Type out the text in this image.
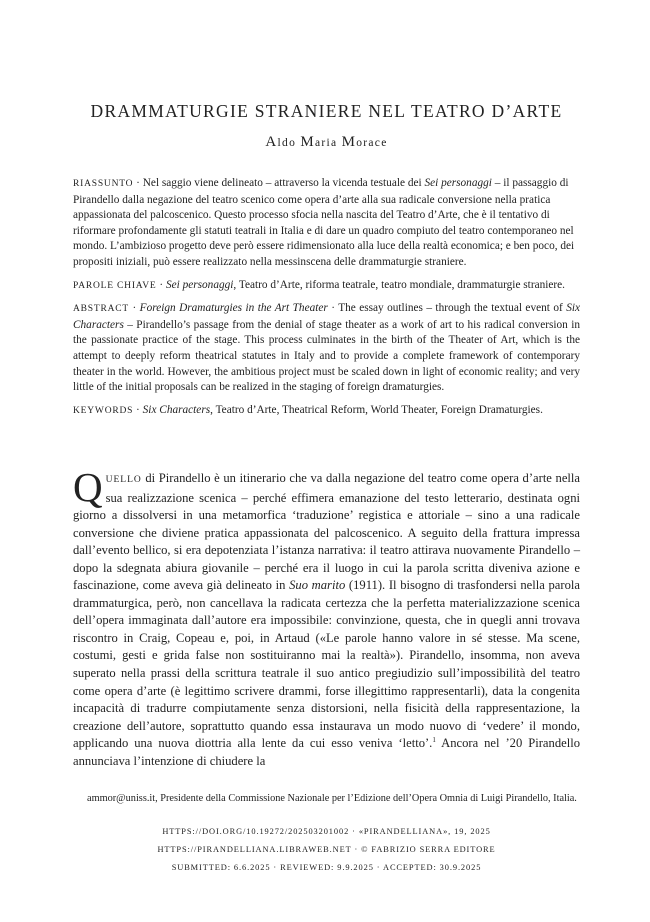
DRAMMATURGIE STRANIERE NEL TEATRO D’ARTE
Aldo Maria Morace

RIASSUNTO · Nel saggio viene delineato – attraverso la vicenda testuale dei Sei personaggi – il passaggio di Pirandello dalla negazione del teatro scenico come opera d’arte alla sua radicale conversione nella pratica appassionata del palcoscenico. Questo processo sfocia nella nascita del Teatro d’Arte, che è il tentativo di riformare profondamente gli statuti teatrali in Italia e di dare un quadro compiuto del teatro contemporaneo nel mondo. L’ambizioso progetto deve però essere ridimensionato alla luce della realtà economica; e ben poco, dei propositi iniziali, può essere realizzato nella messinscena delle drammaturgie straniere.

PAROLE CHIAVE · Sei personaggi, Teatro d’Arte, riforma teatrale, teatro mondiale, drammaturgie straniere.

ABSTRACT · Foreign Dramaturgies in the Art Theater · The essay outlines – through the textual event of Six Characters – Pirandello’s passage from the denial of stage theater as a work of art to his radical conversion in the passionate practice of the stage. This process culminates in the birth of the Theater of Art, which is the attempt to deeply reform theatrical statutes in Italy and to provide a complete framework of contemporary theater in the world. However, the ambitious project must be scaled down in light of economic reality; and very little of the initial proposals can be realized in the staging of foreign dramaturgies.

KEYWORDS · Six Characters, Teatro d’Arte, Theatrical Reform, World Theater, Foreign Dramaturgies.

QUELLO di Pirandello è un itinerario che va dalla negazione del teatro come opera d’arte nella sua realizzazione scenica – perché effimera emanazione del testo letterario, destinata ogni giorno a dissolversi in una metamorfica ‘traduzione’ registica e attoriale – sino a una radicale conversione che diviene pratica appassionata del palcoscenico. A seguito della frattura impressa dall’evento bellico, si era depotenziata l’istanza narrativa: il teatro attirava nuovamente Pirandello – dopo la sdegnata abiura giovanile – perché era il luogo in cui la parola scritta diveniva azione e fascinazione, come aveva già delineato in Suo marito (1911). Il bisogno di trasfondersi nella parola drammaturgica, però, non cancellava la radicata certezza che la perfetta materializzazione scenica dell’opera immaginata dall’autore era impossibile: convinzione, questa, che in quegli anni trovava riscontro in Craig, Copeau e, poi, in Artaud («Le parole hanno valore in sé stesse. Ma scene, costumi, gesti e grida false non sostituiranno mai la realtà»). Pirandello, insomma, non aveva superato nella prassi della scrittura teatrale il suo antico pregiudizio sull’impossibilità del teatro come opera d’arte (è legittimo scrivere drammi, forse illegittimo rappresentarli), data la congenita incapacità di tradurre compiutamente senza distorsioni, nella fisicità della rappresentazione, la creazione dell’autore, soprattutto quando essa instaurava un modo nuovo di ‘vedere’ il mondo, applicando una nuova diottria alla lente da cui esso veniva ‘letto’.$^1$ Ancora nel ’20 Pirandello annunciava l’intenzione di chiudere la

ammor@uniss.it, Presidente della Commissione Nazionale per l’Edizione dell’Opera Omnia di Luigi Pirandello, Italia.

HTTPS://DOI.ORG/10.19272/202503201002 · «PIRANDELLIANA», 19, 2025

HTTPS://PIRANDELLIANA.LIBRAWEB.NET · © FABRIZIO SERRA EDITORE

SUBMITTED: 6.6.2025 · REVIEWED: 9.9.2025 · ACCEPTED: 30.9.2025
